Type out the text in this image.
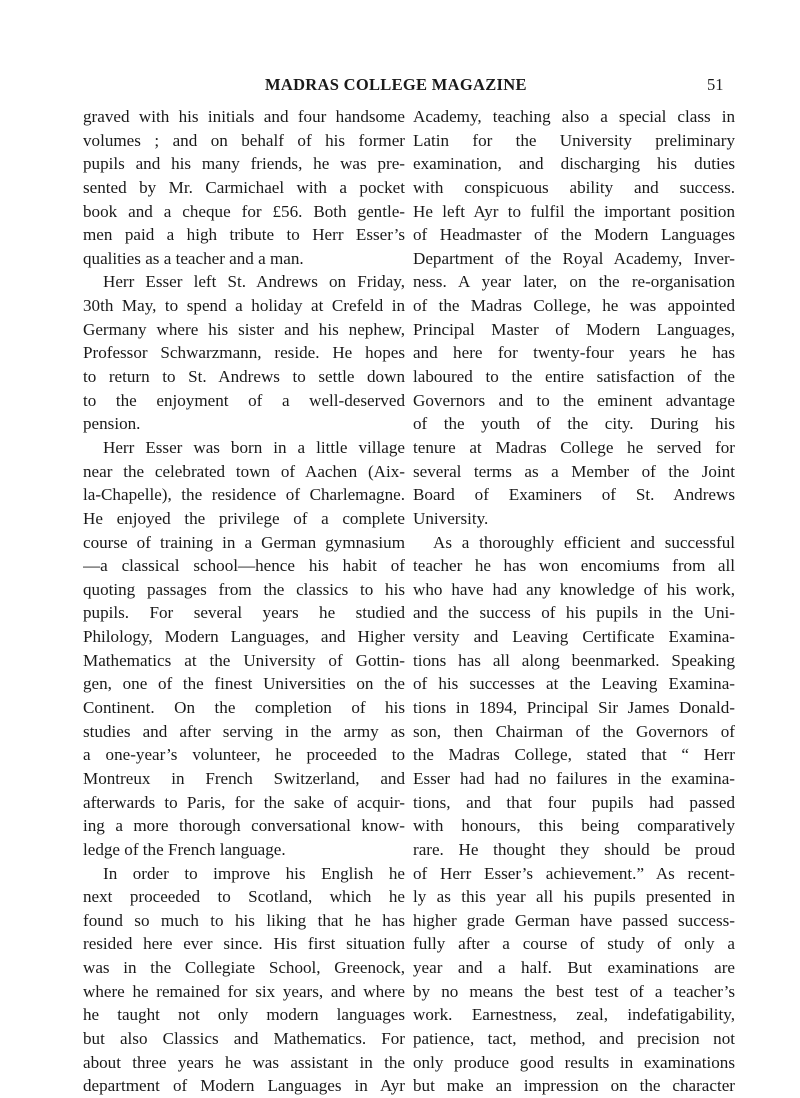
MADRAS COLLEGE MAGAZINE	51
graved with his initials and four handsome
volumes ; and on behalf of his former
pupils and his many friends, he was pre-
sented by Mr. Carmichael with a pocket
book and a cheque for £56. Both gentle-
men paid a high tribute to Herr Esser’s
qualities as a teacher and a man.
Herr Esser left St. Andrews on Friday,
30th May, to spend a holiday at Crefeld in
Germany where his sister and his nephew,
Professor Schwarzmann, reside. He hopes
to return to St. Andrews to settle down
to the enjoyment of a well-deserved
pension.
Herr Esser was born in a little village
near the celebrated town of Aachen (Aix-
la-Chapelle), the residence of Charlemagne.
He enjoyed the privilege of a complete
course of training in a German gymnasium
—a classical school—hence his habit of
quoting passages from the classics to his
pupils. For several years he studied
Philology, Modern Languages, and Higher
Mathematics at the University of Gottin-
gen, one of the finest Universities on the
Continent. On the completion of his
studies and after serving in the army as
a one-year’s volunteer, he proceeded to
Montreux in French Switzerland, and
afterwards to Paris, for the sake of acquir-
ing a more thorough conversational know-
ledge of the French language.
In order to improve his English he
next proceeded to Scotland, which he
found so much to his liking that he has
resided here ever since. His first situation
was in the Collegiate School, Greenock,
where he remained for six years, and where
he taught not only modern languages
but also Classics and Mathematics. For
about three years he was assistant in the
department of Modern Languages in Ayr
Academy, teaching also a special class in
Latin for the University preliminary
examination, and discharging his duties
with conspicuous ability and success.
He left Ayr to fulfil the important position
of Headmaster of the Modern Languages
Department of the Royal Academy, Inver-
ness. A year later, on the re-organisation
of the Madras College, he was appointed
Principal Master of Modern Languages,
and here for twenty-four years he has
laboured to the entire satisfaction of the
Governors and to the eminent advantage
of the youth of the city. During his
tenure at Madras College he served for
several terms as a Member of the Joint
Board of Examiners of St. Andrews
University.
As a thoroughly efficient and successful
teacher he has won encomiums from all
who have had any knowledge of his work,
and the success of his pupils in the Uni-
versity and Leaving Certificate Examina-
tions has all along beenmarked. Speaking
of his successes at the Leaving Examina-
tions in 1894, Principal Sir James Donald-
son, then Chairman of the Governors of
the Madras College, stated that “ Herr
Esser had had no failures in the examina-
tions, and that four pupils had passed
with honours, this being comparatively
rare. He thought they should be proud
of Herr Esser’s achievement.” As recent-
ly as this year all his pupils presented in
higher grade German have passed success-
fully after a course of study of only a
year and a half. But examinations are
by no means the best test of a teacher’s
work. Earnestness, zeal, indefatigability,
patience, tact, method, and precision not
only produce good results in examinations
but make an impression on the character
